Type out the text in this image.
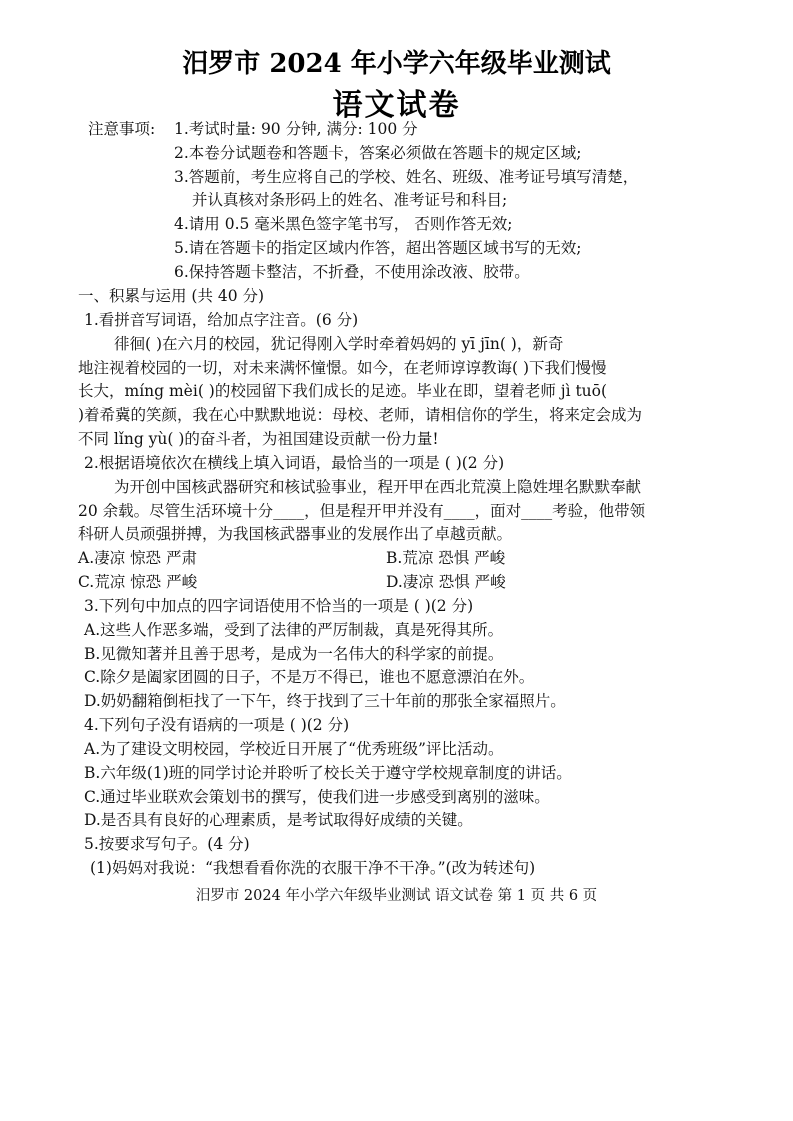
汨罗市 2024 年小学六年级毕业测试
语文试卷
注意事项: 1.考试时量: 90 分钟, 满分: 100 分
2.本卷分试题卷和答题卡，答案必须做在答题卡的规定区域;
3.答题前，考生应将自己的学校、姓名、班级、准考证号填写清楚，
并认真核对条形码上的姓名、准考证号和科目;
4.请用 0.5 毫米黑色签字笔书写， 否则作答无效;
5.请在答题卡的指定区域内作答，超出答题区域书写的无效;
6.保持答题卡整洁，不折叠，不使用涂改液、胶带。
一、积累与运用 (共 40 分)
1.看拼音写词语，给加点字注音。(6 分)
徘徊( )在六月的校园，犹记得刚入学时牵着妈妈的 yī jīn( )，新奇
地注视着校园的一切，对未来满怀憧憬。如今，在老师谆谆教诲( )下我们慢慢
长大，míng mèi( )的校园留下我们成长的足迹。毕业在即，望着老师 jì tuō(
)着希冀的笑颜，我在心中默默地说：母校、老师，请相信你的学生，将来定会成为
不同 lǐng yù( )的奋斗者，为祖国建设贡献一份力量!
2.根据语境依次在横线上填入词语，最恰当的一项是 ( )(2 分)
为开创中国核武器研究和核试验事业，程开甲在西北荒漠上隐姓埋名默默奉献
20 余载。尽管生活环境十分____，但是程开甲并没有____，面对____考验，他带领
科研人员顽强拼搏，为我国核武器事业的发展作出了卓越贡献。
A.凄凉 惊恐 严肃	B.荒凉 恐惧 严峻
C.荒凉 惊恐 严峻	D.凄凉 恐惧 严峻
3.下列句中加点的四字词语使用不恰当的一项是 ( )(2 分)
A.这些人作恶多端，受到了法律的严厉制裁，真是死得其所。
B.见微知著并且善于思考，是成为一名伟大的科学家的前提。
C.除夕是阖家团圆的日子，不是万不得已，谁也不愿意漂泊在外。
D.奶奶翻箱倒柜找了一下午，终于找到了三十年前的那张全家福照片。
4.下列句子没有语病的一项是 ( )(2 分)
A.为了建设文明校园，学校近日开展了“优秀班级”评比活动。
B.六年级(1)班的同学讨论并聆听了校长关于遵守学校规章制度的讲话。
C.通过毕业联欢会策划书的撰写，使我们进一步感受到离别的滋味。
D.是否具有良好的心理素质，是考试取得好成绩的关键。
5.按要求写句子。(4 分)
(1)妈妈对我说：“我想看看你洗的衣服干净不干净。”(改为转述句)
汨罗市 2024 年小学六年级毕业测试 语文试卷 第 1 页 共 6 页
